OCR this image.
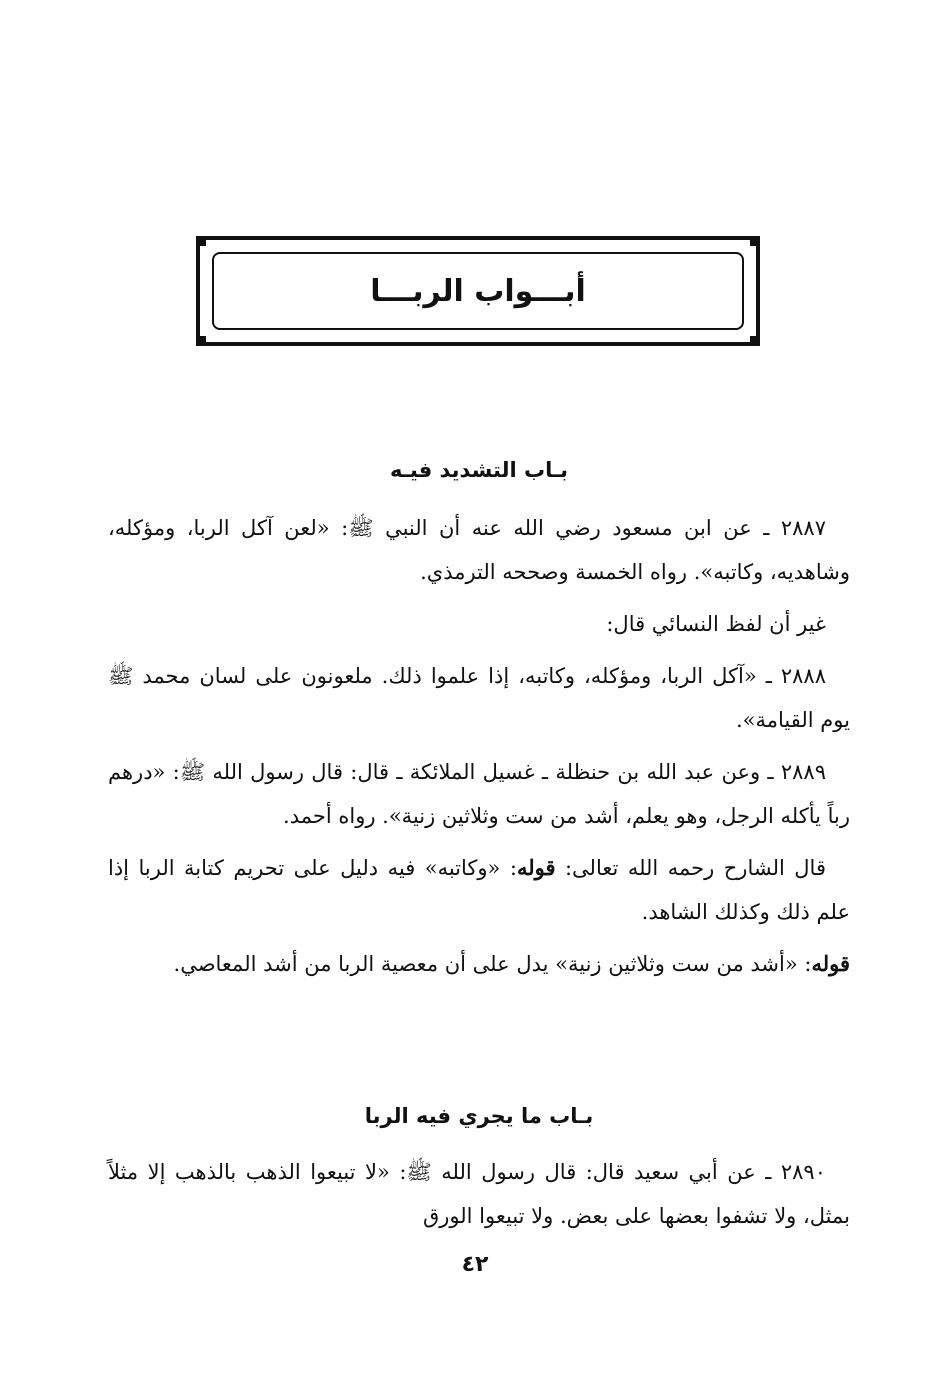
أبـــواب الربـــا
بـاب التشديد فيـه

٢٨٨٧ ـ عن ابن مسعود رضي الله عنه أن النبي ﷺ: «لعن آكل الربا، ومؤكله، وشاهديه، وكاتبه». رواه الخمسة وصححه الترمذي.

غير أن لفظ النسائي قال:

٢٨٨٨ ـ «آكل الربا، ومؤكله، وكاتبه، إذا علموا ذلك. ملعونون على لسان محمد ﷺ يوم القيامة».

٢٨٨٩ ـ وعن عبد الله بن حنظلة ـ غسيل الملائكة ـ قال: قال رسول الله ﷺ: «درهم رباً يأكله الرجل، وهو يعلم، أشد من ست وثلاثين زنية». رواه أحمد.

قال الشارح رحمه الله تعالى: قوله: «وكاتبه» فيه دليل على تحريم كتابة الربا إذا علم ذلك وكذلك الشاهد.

قوله: «أشد من ست وثلاثين زنية» يدل على أن معصية الربا من أشد المعاصي.

بـاب ما يجري فيه الربا

٢٨٩٠ ـ عن أبي سعيد قال: قال رسول الله ﷺ: «لا تبيعوا الذهب بالذهب إلا مثلاً بمثل، ولا تشفوا بعضها على بعض. ولا تبيعوا الورق

٤٢
